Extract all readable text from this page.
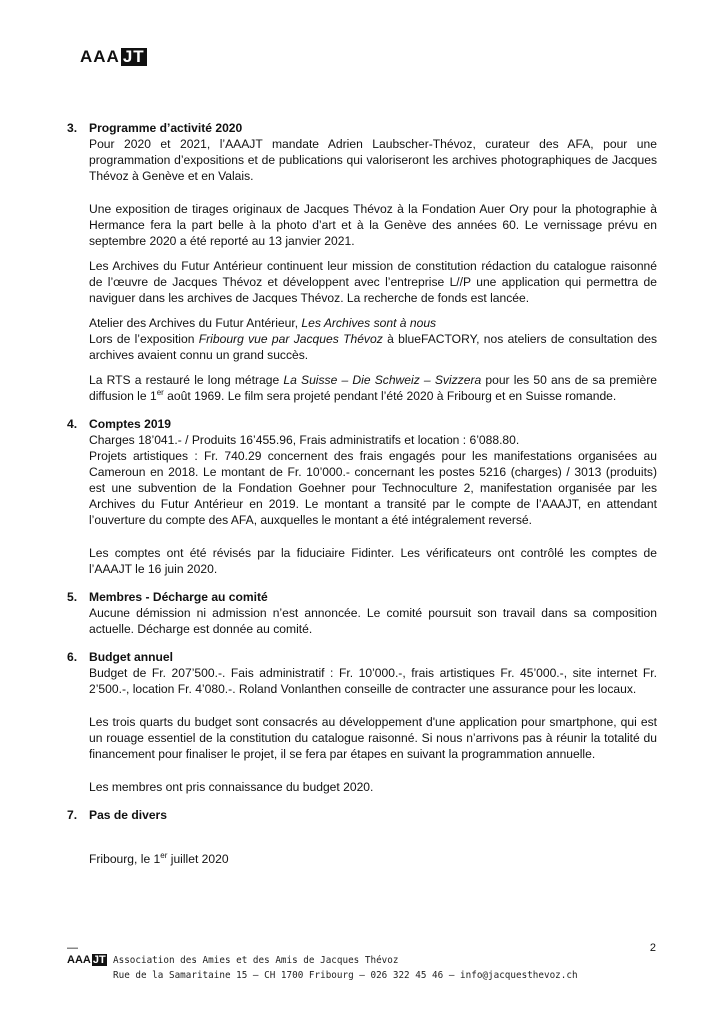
AAA JT
3. Programme d’activité 2020
Pour 2020 et 2021, l’AAAJT mandate Adrien Laubscher-Thévoz, curateur des AFA, pour une programmation d’expositions et de publications qui valoriseront les archives photographiques de Jacques Thévoz à Genève et en Valais.
Une exposition de tirages originaux de Jacques Thévoz à la Fondation Auer Ory pour la photographie à Hermance fera la part belle à la photo d’art et à la Genève des années 60. Le vernissage prévu en septembre 2020 a été reporté au 13 janvier 2021.
Les Archives du Futur Antérieur continuent leur mission de constitution rédaction du catalogue raisonné de l’œuvre de Jacques Thévoz et développent avec l’entreprise L//P une application qui permettra de naviguer dans les archives de Jacques Thévoz. La recherche de fonds est lancée.
Atelier des Archives du Futur Antérieur, Les Archives sont à nous
Lors de l’exposition Fribourg vue par Jacques Thévoz à blueFACTORY, nos ateliers de consultation des archives avaient connu un grand succès.
La RTS a restauré le long métrage La Suisse – Die Schweiz – Svizzera pour les 50 ans de sa première diffusion le 1er août 1969. Le film sera projeté pendant l’été 2020 à Fribourg et en Suisse romande.
4. Comptes 2019
Charges 18’041.- / Produits 16’455.96, Frais administratifs et location : 6’088.80.
Projets artistiques : Fr. 740.29 concernent des frais engagés pour les manifestations organisées au Cameroun en 2018. Le montant de Fr. 10’000.- concernant les postes 5216 (charges) / 3013 (produits) est une subvention de la Fondation Goehner pour Technoculture 2, manifestation organisée par les Archives du Futur Antérieur en 2019. Le montant a transité par le compte de l’AAAJT, en attendant l’ouverture du compte des AFA, auxquelles le montant a été intégralement reversé.
Les comptes ont été révisés par la fiduciaire Fidinter. Les vérificateurs ont contrôlé les comptes de l’AAAJT le 16 juin 2020.
5. Membres - Décharge au comité
Aucune démission ni admission n’est annoncée. Le comité poursuit son travail dans sa composition actuelle. Décharge est donnée au comité.
6. Budget annuel
Budget de Fr. 207’500.-. Fais administratif : Fr. 10’000.-, frais artistiques Fr. 45’000.-, site internet Fr. 2’500.-, location Fr. 4’080.-. Roland Vonlanthen conseille de contracter une assurance pour les locaux.
Les trois quarts du budget sont consacrés au développement d'une application pour smartphone, qui est un rouage essentiel de la constitution du catalogue raisonné. Si nous n’arrivons pas à réunir la totalité du financement pour finaliser le projet, il se fera par étapes en suivant la programmation annuelle.
Les membres ont pris connaissance du budget 2020.
7. Pas de divers
Fribourg, le 1er juillet 2020
—	2
AAA JT Association des Amies et des Amis de Jacques Thévoz
Rue de la Samaritaine 15 — CH 1700 Fribourg — 026 322 45 46 — info@jacquesthevoz.ch
